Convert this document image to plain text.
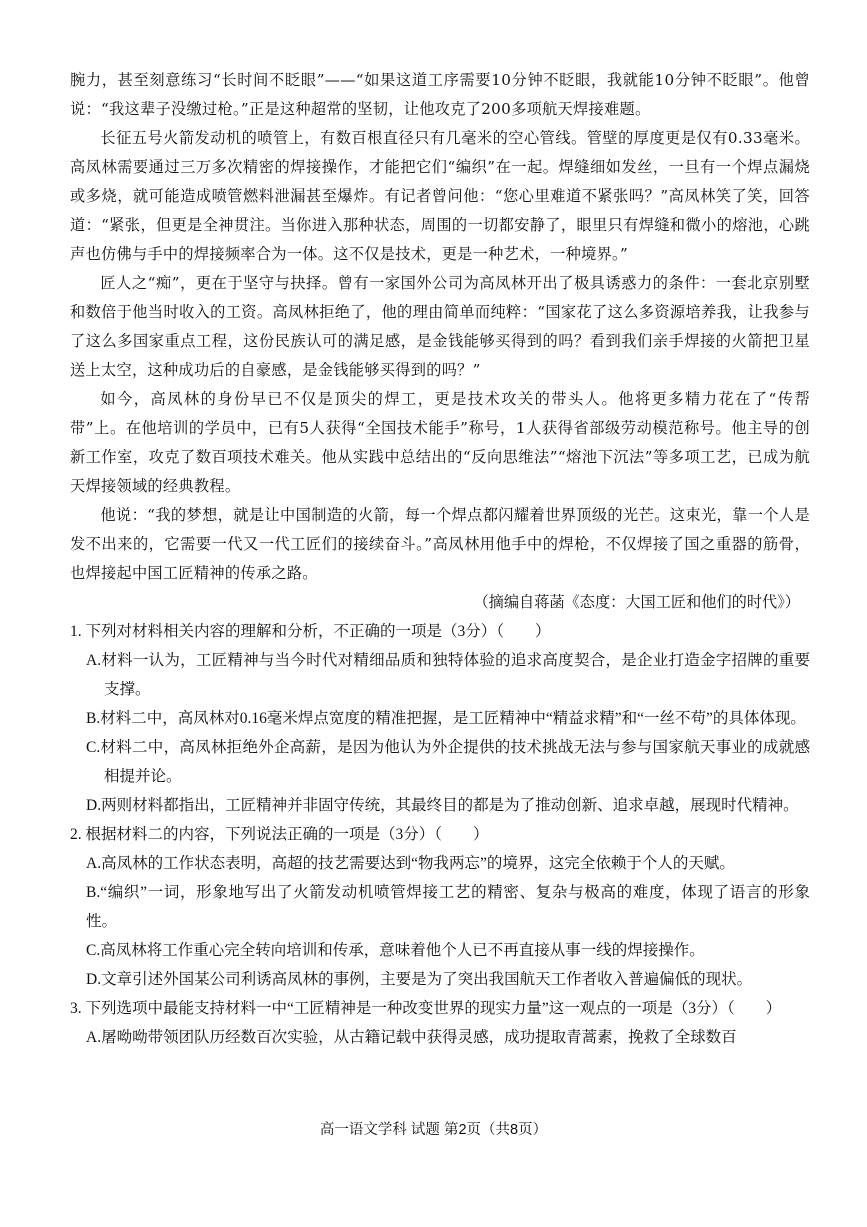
腕力，甚至刻意练习“长时间不眨眼”——“如果这道工序需要10分钟不眨眼，我就能10分钟不眨眼”。他曾说：“我这辈子没缴过枪。”正是这种超常的坚韧，让他攻克了200多项航天焊接难题。

长征五号火箭发动机的喷管上，有数百根直径只有几毫米的空心管线。管壁的厚度更是仅有0.33毫米。高凤林需要通过三万多次精密的焊接操作，才能把它们“编织”在一起。焊缝细如发丝，一旦有一个焊点漏烧或多烧，就可能造成喷管燃料泄漏甚至爆炸。有记者曾问他：“您心里难道不紧张吗？”高凤林笑了笑，回答道：“紧张，但更是全神贯注。当你进入那种状态，周围的一切都安静了，眼里只有焊缝和微小的熔池，心跳声也仿佛与手中的焊接频率合为一体。这不仅是技术，更是一种艺术，一种境界。”

匠人之“痴”，更在于坚守与抉择。曾有一家国外公司为高凤林开出了极具诱惑力的条件：一套北京别墅和数倍于他当时收入的工资。高凤林拒绝了，他的理由简单而纯粹：“国家花了这么多资源培养我，让我参与了这么多国家重点工程，这份民族认可的满足感，是金钱能够买得到的吗？看到我们亲手焊接的火箭把卫星送上太空，这种成功后的自豪感，是金钱能够买得到的吗？”

如今，高凤林的身份早已不仅是顶尖的焊工，更是技术攻关的带头人。他将更多精力花在了“传帮带”上。在他培训的学员中，已有5人获得“全国技术能手”称号，1人获得省部级劳动模范称号。他主导的创新工作室，攻克了数百项技术难关。他从实践中总结出的“反向思维法”“熔池下沉法”等多项工艺，已成为航天焊接领域的经典教程。

他说：“我的梦想，就是让中国制造的火箭，每一个焊点都闪耀着世界顶级的光芒。这束光，靠一个人是发不出来的，它需要一代又一代工匠们的接续奋斗。”高凤林用他手中的焊枪，不仅焊接了国之重器的筋骨，也焊接起中国工匠精神的传承之路。

（摘编自蒋菡《态度：大国工匠和他们的时代》）

1. 下列对材料相关内容的理解和分析，不正确的一项是（3分）（　　）

A.材料一认为，工匠精神与当今时代对精细品质和独特体验的追求高度契合，是企业打造金字招牌的重要支撑。

B.材料二中，高凤林对0.16毫米焊点宽度的精准把握，是工匠精神中“精益求精”和“一丝不苟”的具体体现。

C.材料二中，高凤林拒绝外企高薪，是因为他认为外企提供的技术挑战无法与参与国家航天事业的成就感相提并论。

D.两则材料都指出，工匠精神并非固守传统，其最终目的都是为了推动创新、追求卓越，展现时代精神。

2. 根据材料二的内容，下列说法正确的一项是（3分）（　　）

A.高凤林的工作状态表明，高超的技艺需要达到“物我两忘”的境界，这完全依赖于个人的天赋。

B.“编织”一词，形象地写出了火箭发动机喷管焊接工艺的精密、复杂与极高的难度，体现了语言的形象性。

C.高凤林将工作重心完全转向培训和传承，意味着他个人已不再直接从事一线的焊接操作。

D.文章引述外国某公司利诱高凤林的事例，主要是为了突出我国航天工作者收入普遍偏低的现状。

3. 下列选项中最能支持材料一中“工匠精神是一种改变世界的现实力量”这一观点的一项是（3分）（　　）

A.屠呦呦带领团队历经数百次实验，从古籍记载中获得灵感，成功提取青蒿素，挽救了全球数百

高一语文学科 试题 第2页（共8页）
